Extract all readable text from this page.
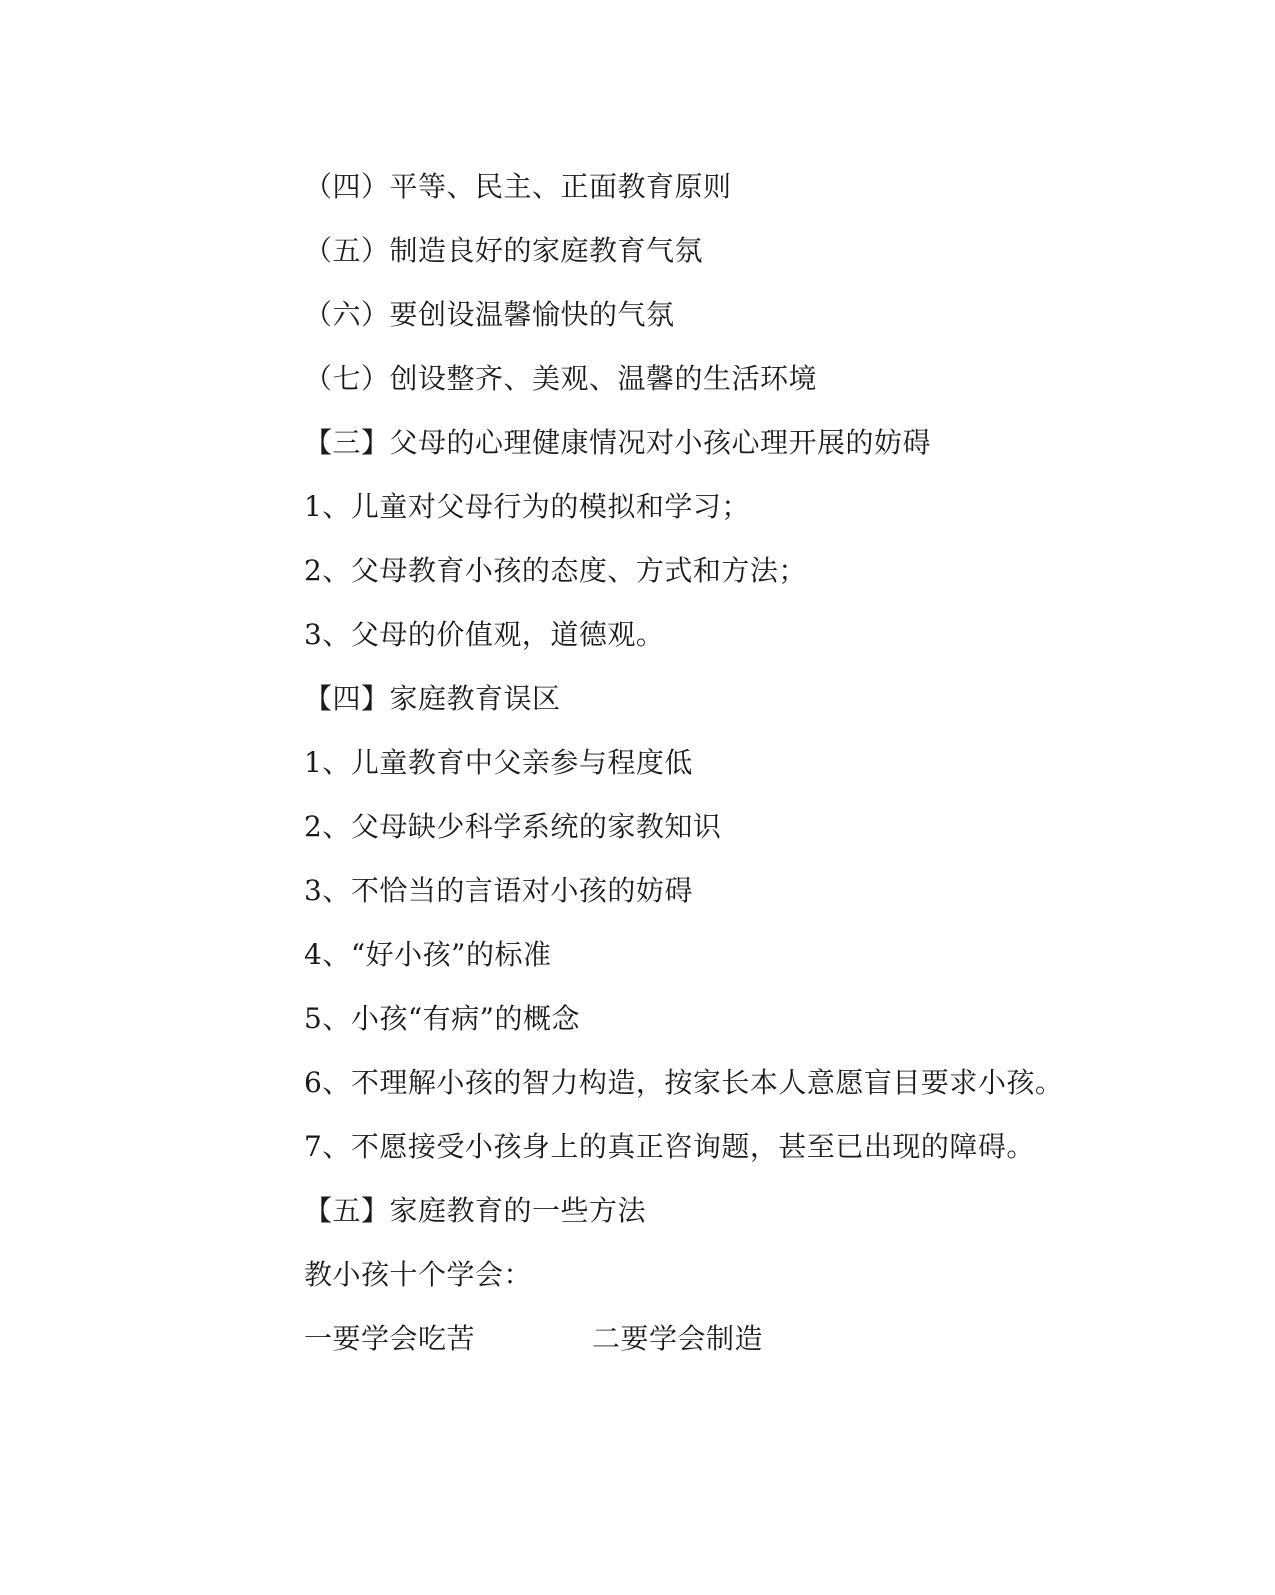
（四）平等、民主、正面教育原则
（五）制造良好的家庭教育气氛
（六）要创设温馨愉快的气氛
（七）创设整齐、美观、温馨的生活环境
【三】父母的心理健康情况对小孩心理开展的妨碍
1、儿童对父母行为的模拟和学习；
2、父母教育小孩的态度、方式和方法；
3、父母的价值观，道德观。
【四】家庭教育误区
1、儿童教育中父亲参与程度低
2、父母缺少科学系统的家教知识
3、不恰当的言语对小孩的妨碍
4、“好小孩”的标准
5、小孩“有病”的概念
6、不理解小孩的智力构造，按家长本人意愿盲目要求小孩。
7、不愿接受小孩身上的真正咨询题，甚至已出现的障碍。
【五】家庭教育的一些方法
教小孩十个学会：
一要学会吃苦	二要学会制造
